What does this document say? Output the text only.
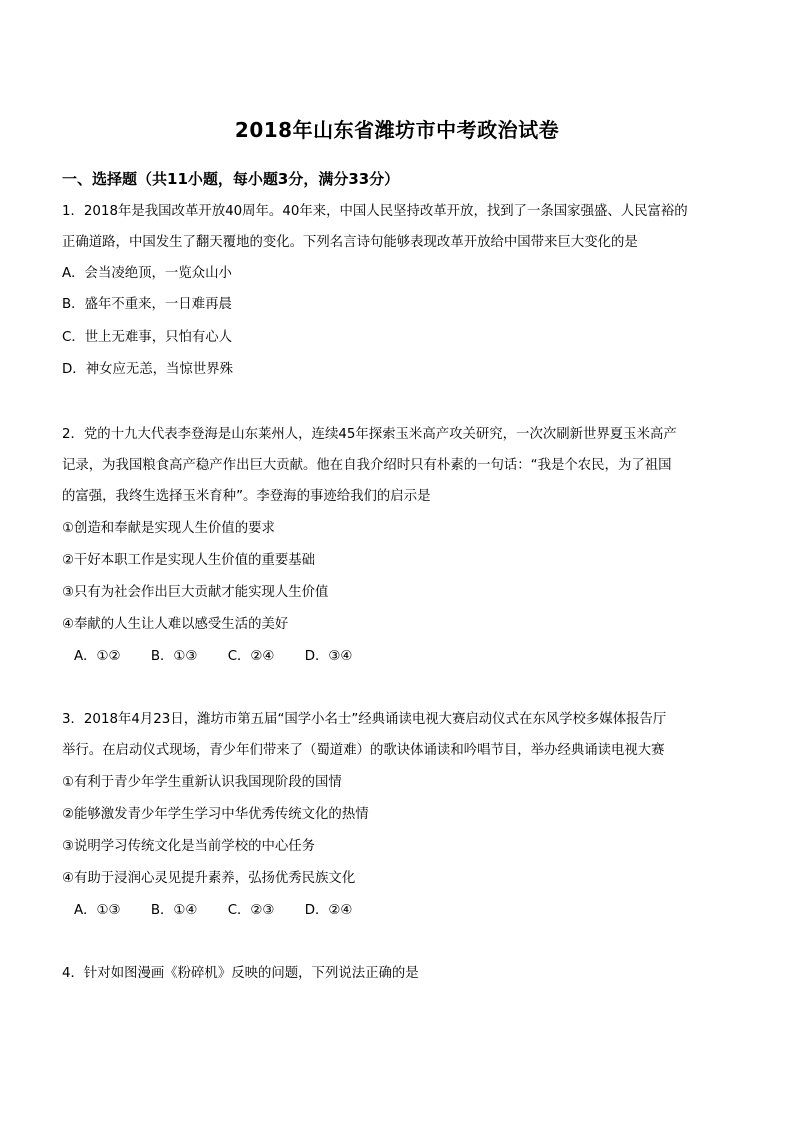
2018年山东省潍坊市中考政治试卷
一、选择题（共11小题，每小题3分，满分33分）
1．2018年是我国改革开放40周年。40年来，中国人民坚持改革开放，找到了一条国家强盛、人民富裕的
正确道路，中国发生了翻天覆地的变化。下列名言诗句能够表现改革开放给中国带来巨大变化的是
A．会当凌绝顶，一览众山小
B．盛年不重来，一日难再晨
C．世上无难事，只怕有心人
D．神女应无恙，当惊世界殊
2．党的十九大代表李登海是山东莱州人，连续45年探索玉米高产攻关研究，一次次刷新世界夏玉米高产
记录，为我国粮食高产稳产作出巨大贡献。他在自我介绍时只有朴素的一句话：“我是个农民，为了祖国
的富强，我终生选择玉米育种”。李登海的事迹给我们的启示是
①创造和奉献是实现人生价值的要求
②干好本职工作是实现人生价值的重要基础
③只有为社会作出巨大贡献才能实现人生价值
④奉献的人生让人难以感受生活的美好
A．①② B．①③ C．②④ D．③④
3．2018年4月23日，潍坊市第五届“国学小名士”经典诵读电视大赛启动仪式在东风学校多媒体报告厅
举行。在启动仪式现场，青少年们带来了（蜀道难）的歌诀体诵读和吟唱节目，举办经典诵读电视大赛
①有利于青少年学生重新认识我国现阶段的国情
②能够激发青少年学生学习中华优秀传统文化的热情
③说明学习传统文化是当前学校的中心任务
④有助于浸润心灵见提升素养，弘扬优秀民族文化
A．①③ B．①④ C．②③ D．②④
4．针对如图漫画《粉碎机》反映的问题，下列说法正确的是
